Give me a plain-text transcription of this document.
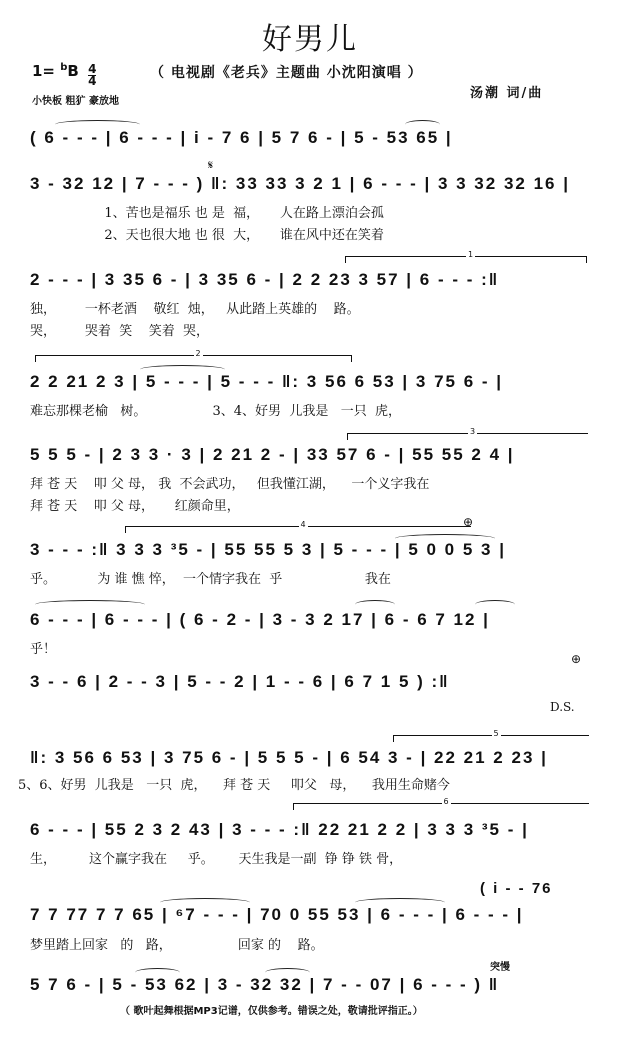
好男儿
$1= ^bB \frac{4}{4}$	（ 电视剧《老兵》主题曲 小沈阳演唱 ）
小快板 粗犷 豪放地
汤潮 词/曲
( 6 - - - | 6 - - - | i - 7 6 | 5 7 6 - | 5 - 53 65 |
𝄋
3 - 32 12 | 7 - - - ) ‖: 33 33 3 2 1 | 6 - - - | 3 3 32 32 16 |
1、苦也是福乐 也 是  福，     人在路上漂泊会孤
2、天也很大地 也 很  大，     谁在风中还在笑着
1
2 - - - | 3 35 6 - | 3 35 6 - | 2 2 23 3 57 | 6 - - - :‖
独，       一杯老酒    敬红  烛，   从此踏上英雄的    路。
哭，       哭着  笑    笑着  哭，
2
2 2 21 2 3 | 5 - - - | 5 - - - ‖: 3 56 6 53 | 3 75 6 - |
难忘那棵老榆   树。                3、4、好男  儿我是   一只  虎，
3
5 5 5 - | 2 3 3 · 3 | 2 21 2 - | 33 57 6 - | 55 55 2 4 |
拜 苍 天    叩 父 母， 我  不会武功，   但我懂江湖，    一个义字我在
拜 苍 天    叩 父 母，     红颜命里，
4	⊕
3 - - - :‖ 3 3 3 ³5 - | 55 55 5 3 | 5 - - - | 5 0 0 5 3 |
乎。          为 谁 憔 悴，  一个情字我在  乎                    我在
6 - - - | 6 - - - | ( 6 - 2 - | 3 - 3 2 17 | 6 - 6 7 12 |
乎！
⊕
3 - - 6 | 2 - - 3 | 5 - - 2 | 1 - - 6 | 6 7 1 5 ) :‖
D.S.
5
‖: 3 56 6 53 | 3 75 6 - | 5 5 5 - | 6 54 3 - | 22 21 2 23 |
5、6、好男  儿我是   一只  虎，    拜 苍 天     叩父   母，    我用生命赌今
6
6 - - - | 55 2 3 2 43 | 3 - - - :‖ 22 21 2 2 | 3 3 3 ³5 - |
生，        这个赢字我在     乎。      天生我是一副  铮 铮 铁 骨，
( i - - 76
7 7 77 7 7 65 | ⁶7 - - - | 70 0 55 53 | 6 - - - | 6 - - - |
梦里踏上回家   的   路，                回家 的    路。
突慢
5 7 6 - | 5 - 53 62 | 3 - 32 32 | 7 - - 07 | 6 - - - ) ‖
（ 歌叶起舞根据MP3记谱，仅供参考。错误之处，敬请批评指正。）
